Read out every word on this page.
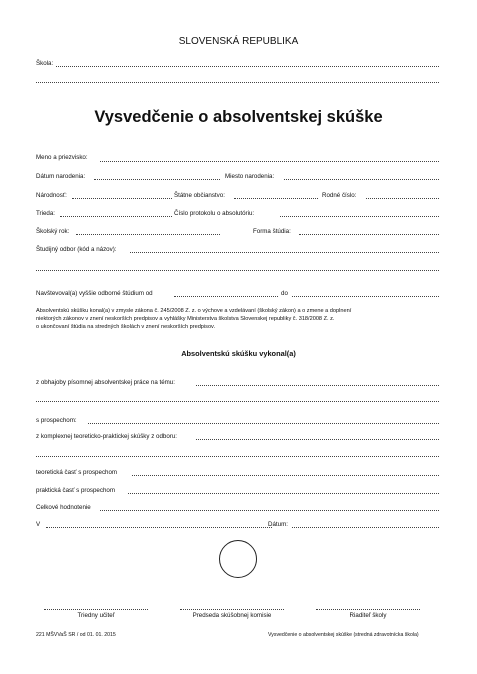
SLOVENSKÁ REPUBLIKA
Škola:
Vysvedčenie o absolventskej skúške
Meno a priezvisko:
Dátum narodenia:	Miesto narodenia:
Národnosť:	Štátne občianstvo:	Rodné číslo:
Trieda:	Číslo protokolu o absolutóriu:
Školský rok:	Forma štúdia:
Študijný odbor (kód a názov):
Navštevoval(a) vyššie odborné štúdium od	do
Absolventskú skúšku konal(a) v zmysle zákona č. 245/2008 Z. z. o výchove a vzdelávaní (školský zákon) a o zmene a doplnení
niektorých zákonov v znení neskorších predpisov a vyhlášky Ministerstva školstva Slovenskej republiky č. 318/2008 Z. z.
o ukončovaní štúdia na stredných školách v znení neskorších predpisov.
Absolventskú skúšku vykonal(a)
z obhajoby písomnej absolventskej práce na tému:
s prospechom:
z komplexnej teoreticko-praktickej skúšky z odboru:
teoretická časť s prospechom
praktická časť s prospechom
Celkové hodnotenie
V	Dátum:
Triedny učiteľ	Predseda skúšobnej komisie	Riaditeľ školy
221 MŠVVaŠ SR / od 01. 01. 2015	Vysvedčenie o absolventskej skúške (stredná zdravotnícka škola)
